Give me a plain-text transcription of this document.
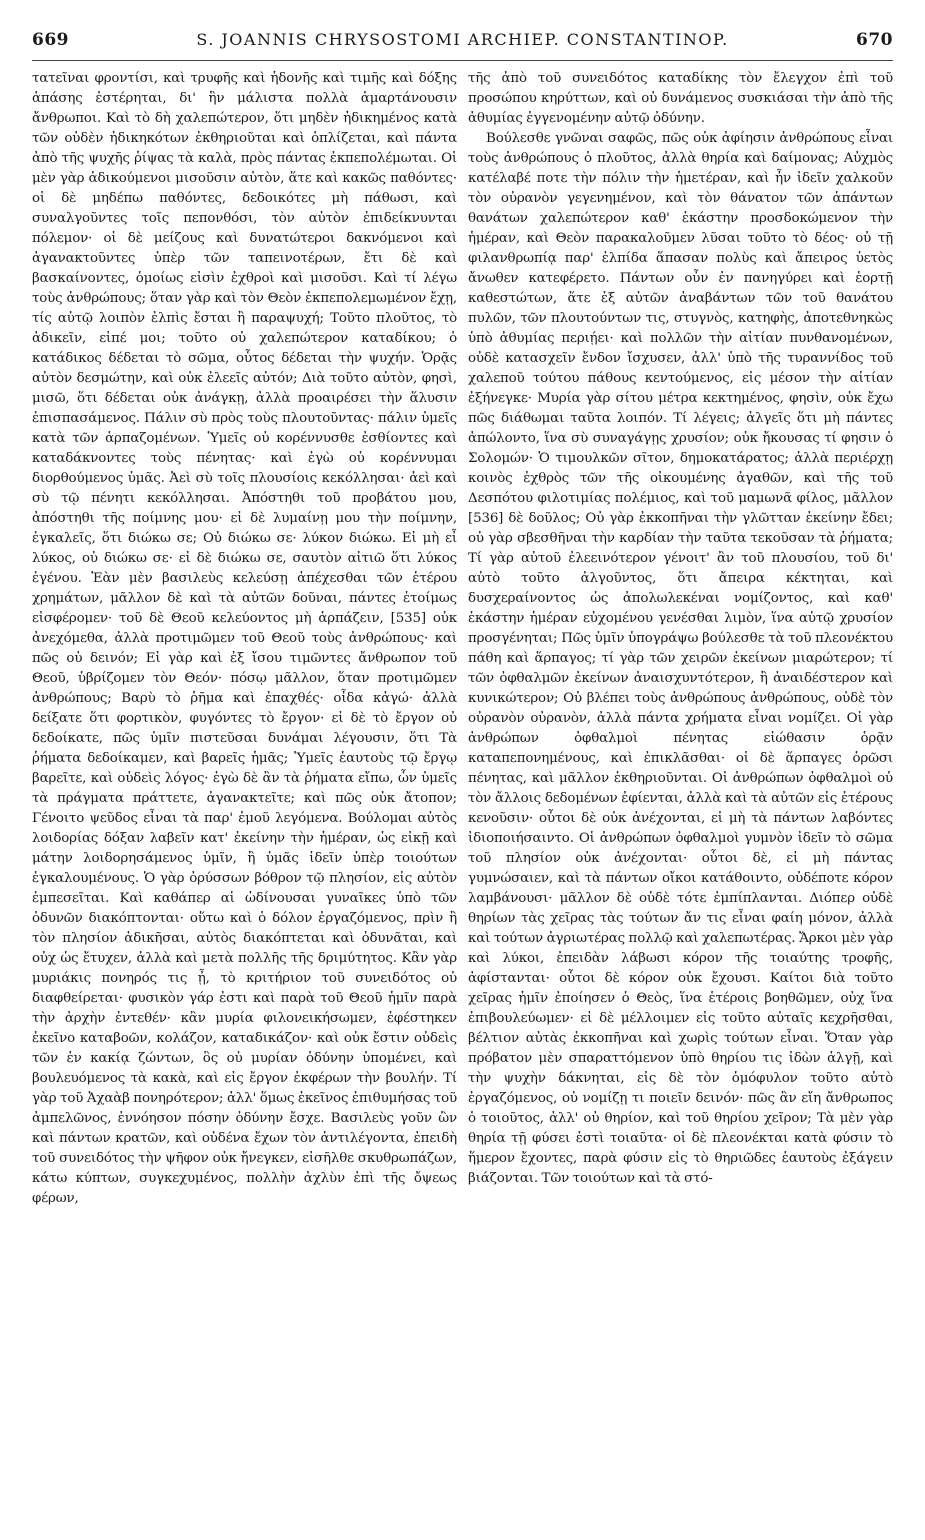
669	S. JOANNIS CHRYSOSTOMI ARCHIEP. CONSTANTINOP.	670

τατεῖναι φροντίσι, καὶ τρυφῆς καὶ ἡδονῆς καὶ τιμῆς καὶ δόξης ἁπάσης ἐστέρηται, δι' ἣν μάλιστα πολλὰ ἁμαρτάνουσιν ἄνθρωποι. Καὶ τὸ δὴ χαλεπώτερον, ὅτι μηδὲν ἠδικημένος κατὰ τῶν οὐδὲν ἠδικηκότων ἐκθηριοῦται καὶ ὁπλίζεται, καὶ πάντα ἀπὸ τῆς ψυχῆς ῥίψας τὰ καλὰ, πρὸς πάντας ἐκπεπολέμωται. Οἱ μὲν γὰρ ἀδικούμενοι μισοῦσιν αὐτὸν, ἅτε καὶ κακῶς παθόντες· οἱ δὲ μηδέπω παθόντες, δεδοικότες μὴ πάθωσι, καὶ συναλγοῦντες τοῖς πεπονθόσι, τὸν αὐτὸν ἐπιδείκνυνται πόλεμον· οἱ δὲ μείζους καὶ δυνατώτεροι δακνόμενοι καὶ ἀγανακτοῦντες ὑπὲρ τῶν ταπεινοτέρων, ἔτι δὲ καὶ βασκαίνοντες, ὁμοίως εἰσὶν ἐχθροὶ καὶ μισοῦσι. Καὶ τί λέγω τοὺς ἀνθρώπους; ὅταν γὰρ καὶ τὸν Θεὸν ἐκπεπολεμωμένον ἔχῃ, τίς αὐτῷ λοιπὸν ἐλπὶς ἔσται ἢ παραψυχή; Τοῦτο πλοῦτος, τὸ ἀδικεῖν, εἰπέ μοι; τοῦτο οὐ χαλεπώτερον καταδίκου; ὁ κατάδικος δέδεται τὸ σῶμα, οὗτος δέδεται τὴν ψυχήν. Ὁρᾷς αὐτὸν δεσμώτην, καὶ οὐκ ἐλεεῖς αὐτόν; Διὰ τοῦτο αὐτὸν, φησὶ, μισῶ, ὅτι δέδεται οὐκ ἀνάγκῃ, ἀλλὰ προαιρέσει τὴν ἅλυσιν ἐπισπασάμενος. Πάλιν σὺ πρὸς τοὺς πλουτοῦντας· πάλιν ὑμεῖς κατὰ τῶν ἁρπαζομένων. Ὑμεῖς οὐ κορέννυσθε ἐσθίοντες καὶ καταδάκνοντες τοὺς πένητας· καὶ ἐγὼ οὐ κορέννυμαι διορθούμενος ὑμᾶς. Ἀεὶ σὺ τοῖς πλουσίοις κεκόλλησαι· ἀεὶ καὶ σὺ τῷ πένητι κεκόλλησαι. Ἀπόστηθι τοῦ προβάτου μου, ἀπόστηθι τῆς ποίμνης μου· εἰ δὲ λυμαίνῃ μου τὴν ποίμνην, ἐγκαλεῖς, ὅτι διώκω σε; Οὐ διώκω σε· λύκον διώκω. Εἰ μὴ εἶ λύκος, οὐ διώκω σε· εἰ δὲ διώκω σε, σαυτὸν αἰτιῶ ὅτι λύκος ἐγένου. Ἐὰν μὲν βασιλεὺς κελεύσῃ ἀπέχεσθαι τῶν ἑτέρου χρημάτων, μᾶλλον δὲ καὶ τὰ αὐτῶν δοῦναι, πάντες ἑτοίμως εἰσφέρομεν· τοῦ δὲ Θεοῦ κελεύοντος μὴ ἁρπάζειν, [535] οὐκ ἀνεχόμεθα, ἀλλὰ προτιμῶμεν τοῦ Θεοῦ τοὺς ἀνθρώπους· καὶ πῶς οὐ δεινόν; Εἰ γὰρ καὶ ἐξ ἴσου τιμῶντες ἄνθρωπον τοῦ Θεοῦ, ὑβρίζομεν τὸν Θεόν· πόσῳ μᾶλλον, ὅταν προτιμῶμεν ἀνθρώπους; Βαρὺ τὸ ῥῆμα καὶ ἐπαχθές· οἶδα κἀγώ· ἀλλὰ δείξατε ὅτι φορτικὸν, φυγόντες τὸ ἔργον· εἰ δὲ τὸ ἔργον οὐ δεδοίκατε, πῶς ὑμῖν πιστεῦσαι δυνάμαι λέγουσιν, ὅτι Τὰ ῥήματα δεδοίκαμεν, καὶ βαρεῖς ἡμᾶς; Ὑμεῖς ἑαυτοὺς τῷ ἔργῳ βαρεῖτε, καὶ οὐδεὶς λόγος· ἐγὼ δὲ ἂν τὰ ῥήματα εἴπω, ὧν ὑμεῖς τὰ πράγματα πράττετε, ἀγανακτεῖτε; καὶ πῶς οὐκ ἄτοπον; Γένοιτο ψεῦδος εἶναι τὰ παρ' ἐμοῦ λεγόμενα. Βούλομαι αὐτὸς λοιδορίας δόξαν λαβεῖν κατ' ἐκείνην τὴν ἡμέραν, ὡς εἰκῇ καὶ μάτην λοιδορησάμενος ὑμῖν, ἢ ὑμᾶς ἰδεῖν ὑπὲρ τοιούτων ἐγκαλουμένους. Ὁ γὰρ ὀρύσσων βόθρον τῷ πλησίον, εἰς αὐτὸν ἐμπεσεῖται. Καὶ καθάπερ αἱ ὠδίνουσαι γυναῖκες ὑπὸ τῶν ὀδυνῶν διακόπτονται· οὕτω καὶ ὁ δόλον ἐργαζόμενος, πρὶν ἢ τὸν πλησίον ἀδικῆσαι, αὐτὸς διακόπτεται καὶ ὀδυνᾶται, καὶ οὐχ ὡς ἔτυχεν, ἀλλὰ καὶ μετὰ πολλῆς τῆς δριμύτητος. Κἂν γὰρ μυριάκις πονηρός τις ᾖ, τὸ κριτήριον τοῦ συνειδότος οὐ διαφθείρεται· φυσικὸν γάρ ἐστι καὶ παρὰ τοῦ Θεοῦ ἡμῖν παρὰ τὴν ἀρχὴν ἐντεθέν· κἂν μυρία φιλονεικήσωμεν, ἐφέστηκεν ἐκεῖνο καταβοῶν, κολάζον, καταδικάζον· καὶ οὐκ ἔστιν οὐδεὶς τῶν ἐν κακίᾳ ζώντων, ὃς οὐ μυρίαν ὀδύνην ὑπομένει, καὶ βουλευόμενος τὰ κακὰ, καὶ εἰς ἔργον ἐκφέρων τὴν βουλήν. Τί γὰρ τοῦ Ἀχαὰβ πονηρότερον; ἀλλ' ὅμως ἐκεῖνος ἐπιθυμήσας τοῦ ἀμπελῶνος, ἐννόησον πόσην ὀδύνην ἔσχε. Βασιλεὺς γοῦν ὢν καὶ πάντων κρατῶν, καὶ οὐδένα ἔχων τὸν ἀντιλέγοντα, ἐπειδὴ τοῦ συνειδότος τὴν ψῆφον οὐκ ἤνεγκεν, εἰσῆλθε σκυθρωπάζων, κάτω κύπτων, συγκεχυμένος, πολλὴν ἀχλὺν ἐπὶ τῆς ὄψεως φέρων,

τῆς ἀπὸ τοῦ συνειδότος καταδίκης τὸν ἔλεγχον ἐπὶ τοῦ προσώπου κηρύττων, καὶ οὐ δυνάμενος συσκιάσαι τὴν ἀπὸ τῆς ἀθυμίας ἐγγενομένην αὐτῷ ὀδύνην.

Βούλεσθε γνῶναι σαφῶς, πῶς οὐκ ἀφίησιν ἀνθρώπους εἶναι τοὺς ἀνθρώπους ὁ πλοῦτος, ἀλλὰ θηρία καὶ δαίμονας; Αὐχμὸς κατέλαβέ ποτε τὴν πόλιν τὴν ἡμετέραν, καὶ ἦν ἰδεῖν χαλκοῦν τὸν οὐρανὸν γεγενημένον, καὶ τὸν θάνατον τῶν ἁπάντων θανάτων χαλεπώτερον καθ' ἑκάστην προσδοκώμενον τὴν ἡμέραν, καὶ Θεὸν παρακαλοῦμεν λῦσαι τοῦτο τὸ δέος· οὐ τῇ φιλανθρωπίᾳ παρ' ἐλπίδα ἅπασαν πολὺς καὶ ἄπειρος ὑετὸς ἄνωθεν κατεφέρετο. Πάντων οὖν ἐν πανηγύρει καὶ ἑορτῇ καθεστώτων, ἅτε ἐξ αὐτῶν ἀναβάντων τῶν τοῦ θανάτου πυλῶν, τῶν πλουτούντων τις, στυγνὸς, κατηφὴς, ἀποτεθνηκὼς ὑπὸ ἀθυμίας περιῄει· καὶ πολλῶν τὴν αἰτίαν πυνθανομένων, οὐδὲ κατασχεῖν ἔνδον ἴσχυσεν, ἀλλ' ὑπὸ τῆς τυραννίδος τοῦ χαλεποῦ τούτου πάθους κεντούμενος, εἰς μέσον τὴν αἰτίαν ἐξήνεγκε· Μυρία γὰρ σίτου μέτρα κεκτημένος, φησὶν, οὐκ ἔχω πῶς διάθωμαι ταῦτα λοιπόν. Τί λέγεις; ἀλγεῖς ὅτι μὴ πάντες ἀπώλοντο, ἵνα σὺ συναγάγῃς χρυσίον; οὐκ ἤκουσας τί φησιν ὁ Σολομών· Ὁ τιμουλκῶν σῖτον, δημοκατάρατος; ἀλλὰ περιέρχῃ κοινὸς ἐχθρὸς τῶν τῆς οἰκουμένης ἀγαθῶν, καὶ τῆς τοῦ Δεσπότου φιλοτιμίας πολέμιος, καὶ τοῦ μαμωνᾶ φίλος, μᾶλλον [536] δὲ δοῦλος; Οὐ γὰρ ἐκκοπῆναι τὴν γλῶτταν ἐκείνην ἔδει; οὐ γὰρ σβεσθῆναι τὴν καρδίαν τὴν ταῦτα τεκοῦσαν τὰ ῥήματα; Τί γὰρ αὐτοῦ ἐλεεινότερον γένοιτ' ἂν τοῦ πλουσίου, τοῦ δι' αὐτὸ τοῦτο ἀλγοῦντος, ὅτι ἄπειρα κέκτηται, καὶ δυσχεραίνοντος ὡς ἀπολωλεκέναι νομίζοντος, καὶ καθ' ἑκάστην ἡμέραν εὐχομένου γενέσθαι λιμὸν, ἵνα αὐτῷ χρυσίον προσγένηται; Πῶς ὑμῖν ὑπογράψω βούλεσθε τὰ τοῦ πλεονέκτου πάθη καὶ ἅρπαγος; τί γὰρ τῶν χειρῶν ἐκείνων μιαρώτερον; τί τῶν ὀφθαλμῶν ἐκείνων ἀναισχυντότερον, ἢ ἀναιδέστερον καὶ κυνικώτερον; Οὐ βλέπει τοὺς ἀνθρώπους ἀνθρώπους, οὐδὲ τὸν οὐρανὸν οὐρανὸν, ἀλλὰ πάντα χρήματα εἶναι νομίζει. Οἱ γὰρ ἀνθρώπων ὀφθαλμοὶ πένητας εἰώθασιν ὁρᾷν καταπεπονημένους, καὶ ἐπικλᾶσθαι· οἱ δὲ ἅρπαγες ὁρῶσι πένητας, καὶ μᾶλλον ἐκθηριοῦνται. Οἱ ἀνθρώπων ὀφθαλμοὶ οὐ τὸν ἄλλοις δεδομένων ἐφίενται, ἀλλὰ καὶ τὰ αὐτῶν εἰς ἑτέρους κενοῦσιν· οὗτοι δὲ οὐκ ἀνέχονται, εἰ μὴ τὰ πάντων λαβόντες ἰδιοποιήσαιντο. Οἱ ἀνθρώπων ὀφθαλμοὶ γυμνὸν ἰδεῖν τὸ σῶμα τοῦ πλησίον οὐκ ἀνέχονται· οὗτοι δὲ, εἰ μὴ πάντας γυμνώσαιεν, καὶ τὰ πάντων οἴκοι κατάθοιντο, οὐδέποτε κόρον λαμβάνουσι· μᾶλλον δὲ οὐδὲ τότε ἐμπίπλανται. Διόπερ οὐδὲ θηρίων τὰς χεῖρας τὰς τούτων ἄν τις εἶναι φαίη μόνον, ἀλλὰ καὶ τούτων ἀγριωτέρας πολλῷ καὶ χαλεπωτέρας. Ἄρκοι μὲν γὰρ καὶ λύκοι, ἐπειδὰν λάβωσι κόρον τῆς τοιαύτης τροφῆς, ἀφίστανται· οὗτοι δὲ κόρον οὐκ ἔχουσι. Καίτοι διὰ τοῦτο χεῖρας ἡμῖν ἐποίησεν ὁ Θεὸς, ἵνα ἑτέροις βοηθῶμεν, οὐχ ἵνα ἐπιβουλεύωμεν· εἰ δὲ μέλλοιμεν εἰς τοῦτο αὐταῖς κεχρῆσθαι, βέλτιον αὐτὰς ἐκκοπῆναι καὶ χωρὶς τούτων εἶναι. Ὅταν γὰρ πρόβατον μὲν σπαραττόμενον ὑπὸ θηρίου τις ἰδὼν ἀλγῇ, καὶ τὴν ψυχὴν δάκνηται, εἰς δὲ τὸν ὁμόφυλον τοῦτο αὐτὸ ἐργαζόμενος, οὐ νομίζῃ τι ποιεῖν δεινόν· πῶς ἂν εἴη ἄνθρωπος ὁ τοιοῦτος, ἀλλ' οὐ θηρίον, καὶ τοῦ θηρίου χεῖρον; Τὰ μὲν γὰρ θηρία τῇ φύσει ἐστὶ τοιαῦτα· οἱ δὲ πλεονέκται κατὰ φύσιν τὸ ἥμερον ἔχοντες, παρὰ φύσιν εἰς τὸ θηριῶδες ἑαυτοὺς ἐξάγειν βιάζονται. Τῶν τοιούτων καὶ τὰ στό-
